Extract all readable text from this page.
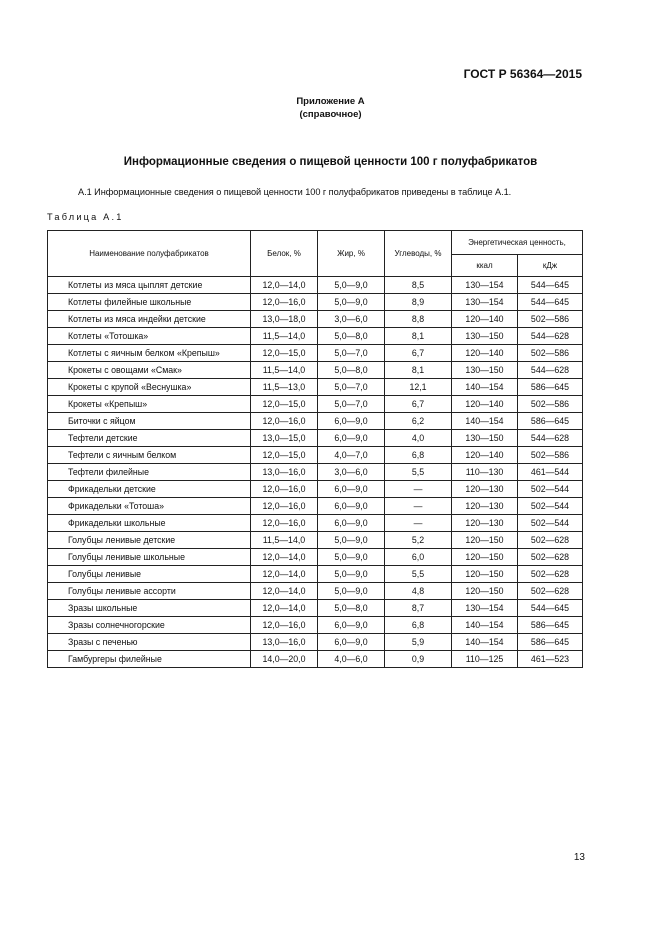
ГОСТ Р 56364—2015
Приложение А
(справочное)
Информационные сведения о пищевой ценности 100 г полуфабрикатов
А.1 Информационные сведения о пищевой ценности 100 г полуфабрикатов приведены в таблице А.1.
Таблица А.1
Наименование полуфабрикатов	Белок, %	Жир, %	Углеводы, %	Энергетическая ценность,	
				ккал	кДж
Котлеты из мяса цыплят детские	12,0—14,0	5,0—9,0	8,5	130—154	544—645
Котлеты филейные школьные	12,0—16,0	5,0—9,0	8,9	130—154	544—645
Котлеты из мяса индейки детские	13,0—18,0	3,0—6,0	8,8	120—140	502—586
Котлеты «Тотошка»	11,5—14,0	5,0—8,0	8,1	130—150	544—628
Котлеты с яичным белком «Крепыш»	12,0—15,0	5,0—7,0	6,7	120—140	502—586
Крокеты с овощами «Смак»	11,5—14,0	5,0—8,0	8,1	130—150	544—628
Крокеты с крупой «Веснушка»	11,5—13,0	5,0—7,0	12,1	140—154	586—645
Крокеты «Крепыш»	12,0—15,0	5,0—7,0	6,7	120—140	502—586
Биточки с яйцом	12,0—16,0	6,0—9,0	6,2	140—154	586—645
Тефтели детские	13,0—15,0	6,0—9,0	4,0	130—150	544—628
Тефтели с яичным белком	12,0—15,0	4,0—7,0	6,8	120—140	502—586
Тефтели филейные	13,0—16,0	3,0—6,0	5,5	110—130	461—544
Фрикадельки детские	12,0—16,0	6,0—9,0	—	120—130	502—544
Фрикадельки «Тотоша»	12,0—16,0	6,0—9,0	—	120—130	502—544
Фрикадельки школьные	12,0—16,0	6,0—9,0	—	120—130	502—544
Голубцы ленивые детские	11,5—14,0	5,0—9,0	5,2	120—150	502—628
Голубцы ленивые школьные	12,0—14,0	5,0—9,0	6,0	120—150	502—628
Голубцы ленивые	12,0—14,0	5,0—9,0	5,5	120—150	502—628
Голубцы ленивые ассорти	12,0—14,0	5,0—9,0	4,8	120—150	502—628
Зразы школьные	12,0—14,0	5,0—8,0	8,7	130—154	544—645
Зразы солнечногорские	12,0—16,0	6,0—9,0	6,8	140—154	586—645
Зразы с печенью	13,0—16,0	6,0—9,0	5,9	140—154	586—645
Гамбургеры филейные	14,0—20,0	4,0—6,0	0,9	110—125	461—523
13
